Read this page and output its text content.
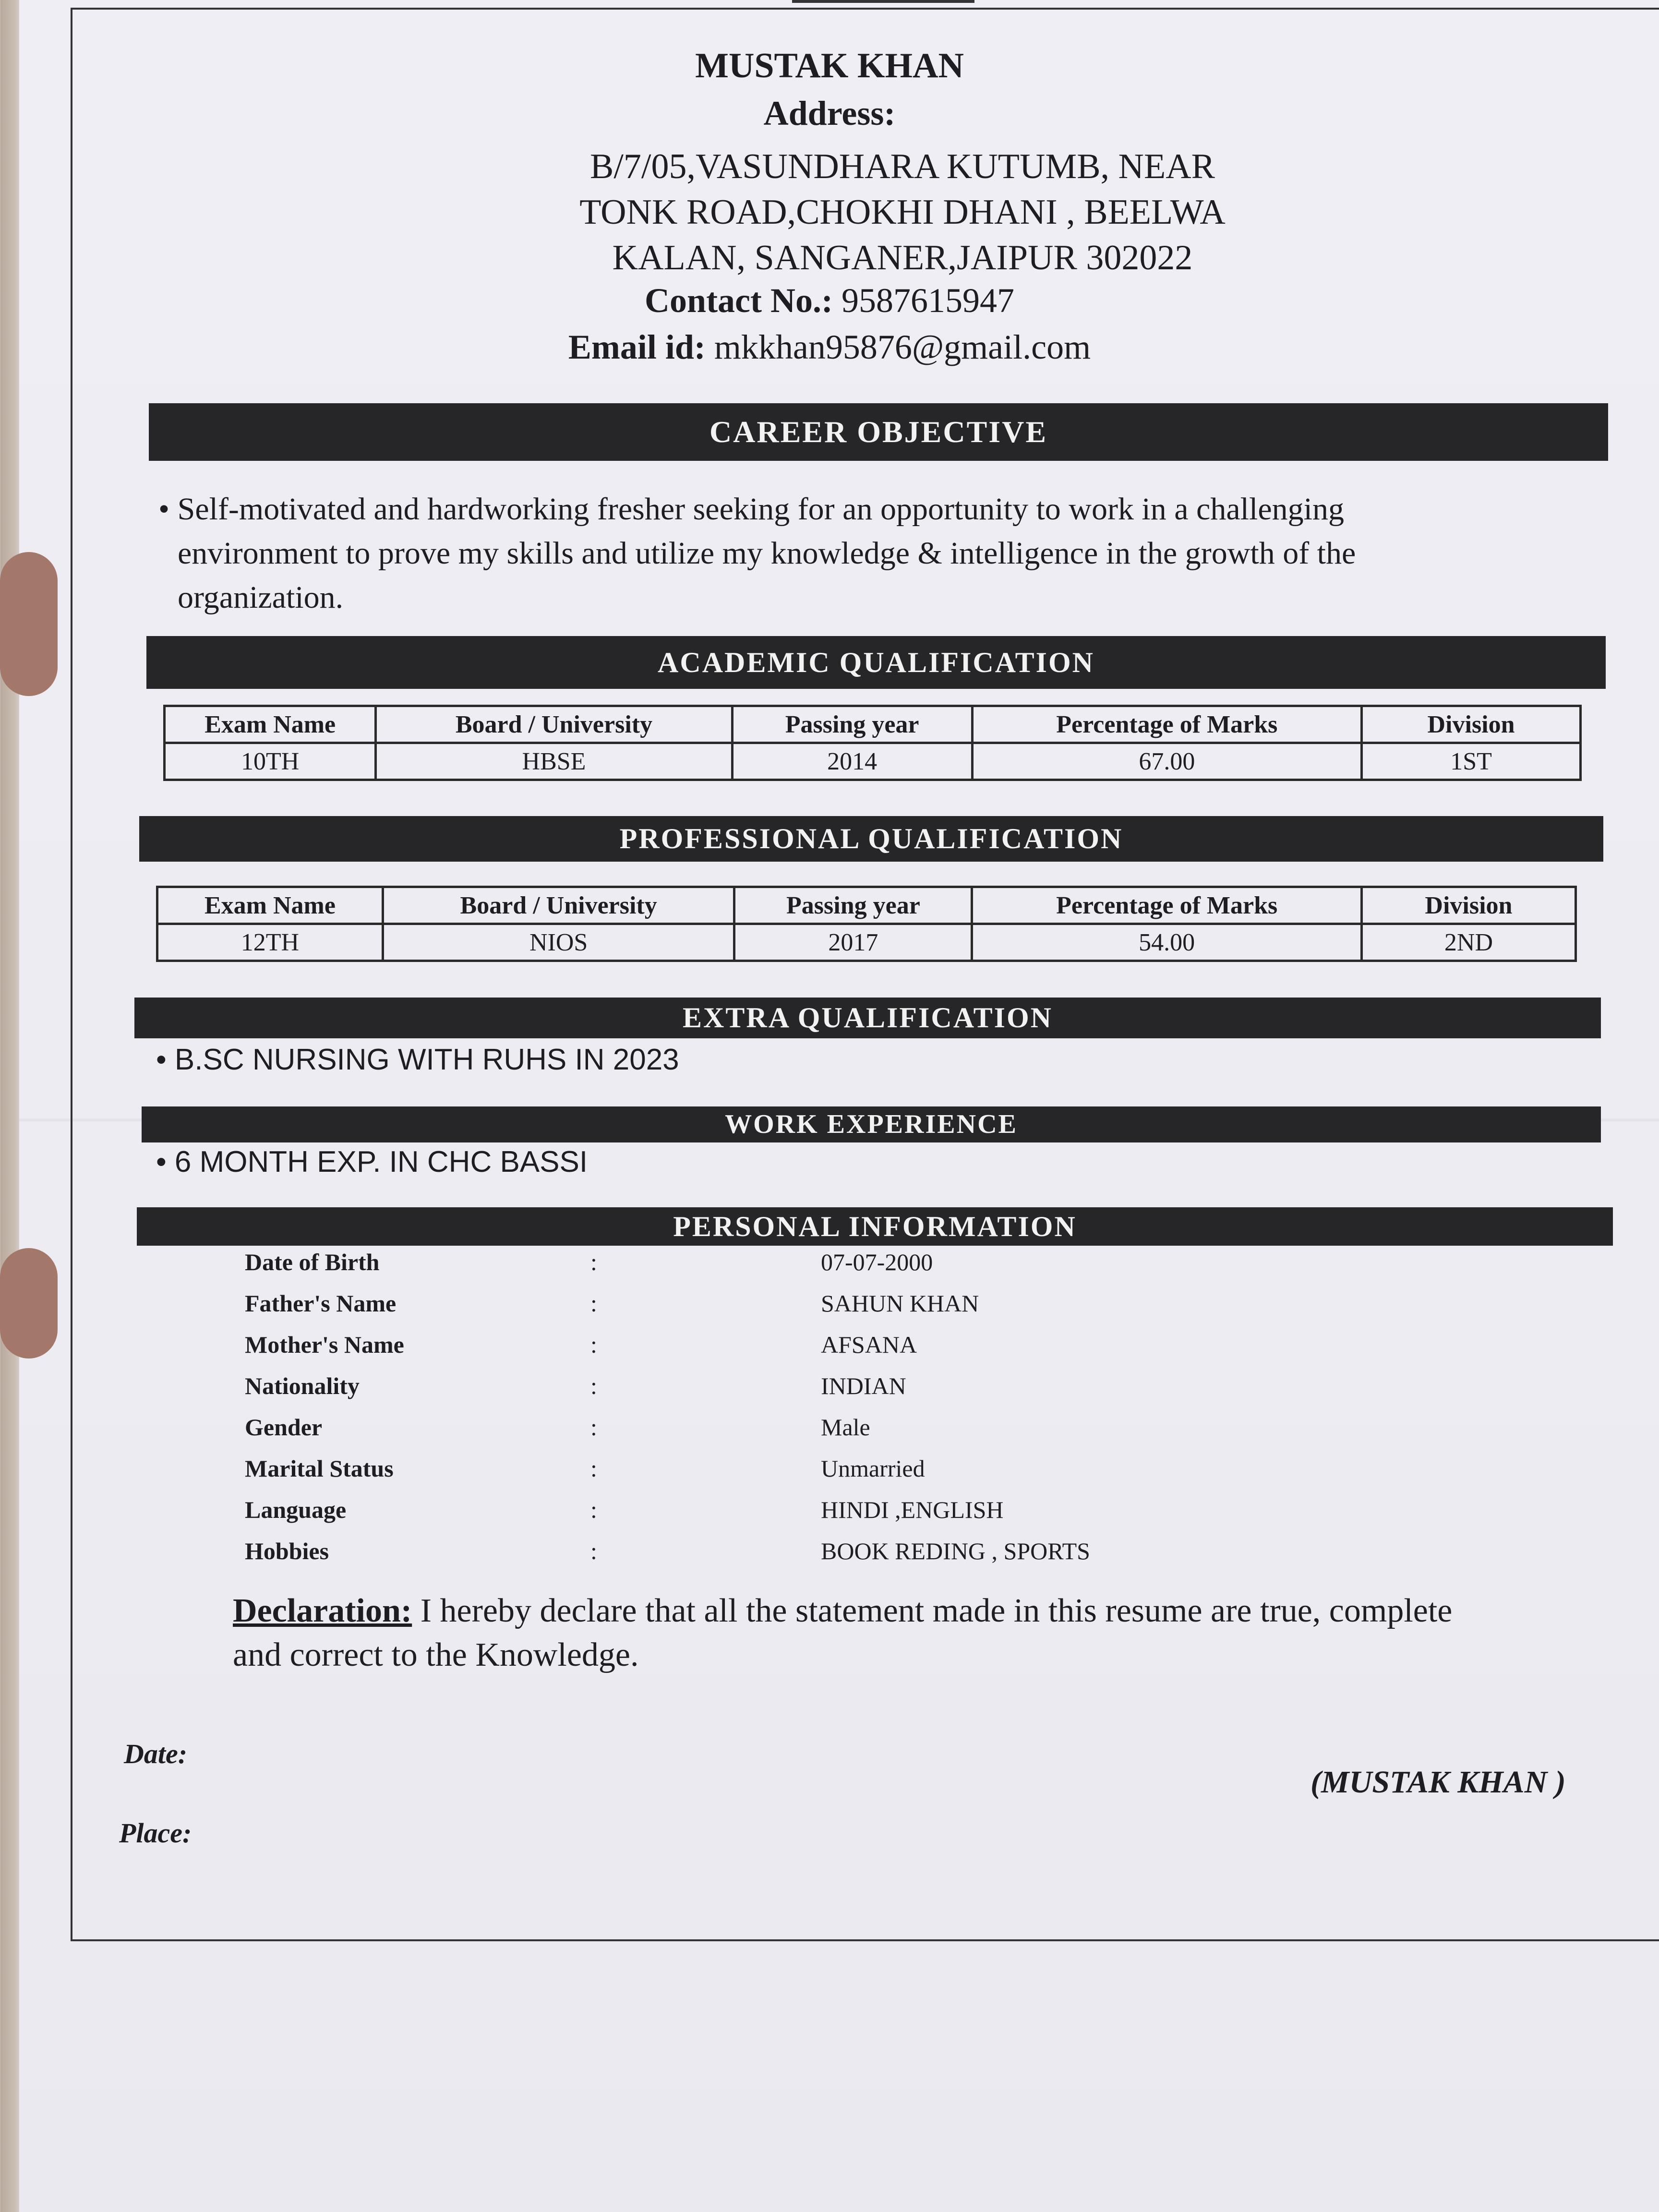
MUSTAK KHAN
Address:
B/7/05,VASUNDHARA KUTUMB, NEAR
TONK ROAD,CHOKHI DHANI , BEELWA
KALAN, SANGANER,JAIPUR 302022
Contact No.: 9587615947
Email id: mkkhan95876@gmail.com
CAREER OBJECTIVE
• Self-motivated and hardworking fresher seeking for an opportunity to work in a challenging
environment to prove my skills and utilize my knowledge & intelligence in the growth of the
organization.
ACADEMIC QUALIFICATION
Exam Name	Board / University	Passing year	Percentage of Marks	Division
10TH	HBSE	2014	67.00	1ST
PROFESSIONAL QUALIFICATION
Exam Name	Board / University	Passing year	Percentage of Marks	Division
12TH	NIOS	2017	54.00	2ND
EXTRA QUALIFICATION
• B.SC NURSING WITH RUHS IN 2023
WORK EXPERIENCE
• 6 MONTH EXP. IN CHC BASSI
PERSONAL INFORMATION
Date of Birth	:	07-07-2000
Father's Name	:	SAHUN KHAN
Mother's Name	:	AFSANA
Nationality	:	INDIAN
Gender	:	Male
Marital Status	:	Unmarried
Language	:	HINDI ,ENGLISH
Hobbies	:	BOOK REDING , SPORTS
Declaration: I hereby declare that all the statement made in this resume are true, complete
and correct to the Knowledge.
Date:
Place:
(MUSTAK KHAN )
